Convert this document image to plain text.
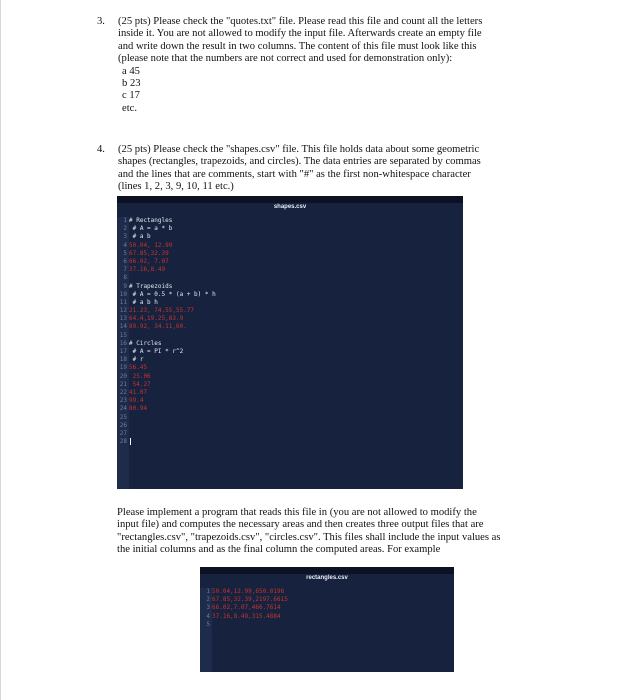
3. (25 pts) Please check the "quotes.txt" file. Please read this file and count all the letters
inside it. You are not allowed to modify the input file. Afterwards create an empty file
and write down the result in two columns. The content of this file must look like this
(please note that the numbers are not correct and used for demonstration only):
a 45
b 23
c 17
etc.
4. (25 pts) Please check the "shapes.csv" file. This file holds data about some geometric
shapes (rectangles, trapezoids, and circles). The data entries are separated by commas
and the lines that are comments, start with "#" as the first non-whitespace character
(lines 1, 2, 3, 9, 10, 11 etc.)
shapes.csv
1 # Rectangles
2 # A = a * b
3 # a b
4 50.04, 12.99
5 67.85,32.39
6 66.02, 7.07
7 37.16,8.49
8
9 # Trapezoids
10 # A = 0.5 * (a + b) * h
11 # a b h
12 21.23, 74.55,55.77
13 64.4,19.25,83.9
14 89.92, 34.11,60.
15
16 # Circles
17 # A = PI * r^2
18 # r
19 56.45
20 25.06
21 54.27
22 41.07
23 99.4
24 80.94
25
26
27
28
Please implement a program that reads this file in (you are not allowed to modify the
input file) and computes the necessary areas and then creates three output files that are
"rectangles.csv", "trapezoids.csv", "circles.csv". This files shall include the input values as
the initial columns and as the final column the computed areas. For example
rectangles.csv
1 50.04,12.99,650.0196
2 67.85,32.39,2197.6615
3 66.02,7.07,466.7614
4 37.16,8.49,315.4884
5
